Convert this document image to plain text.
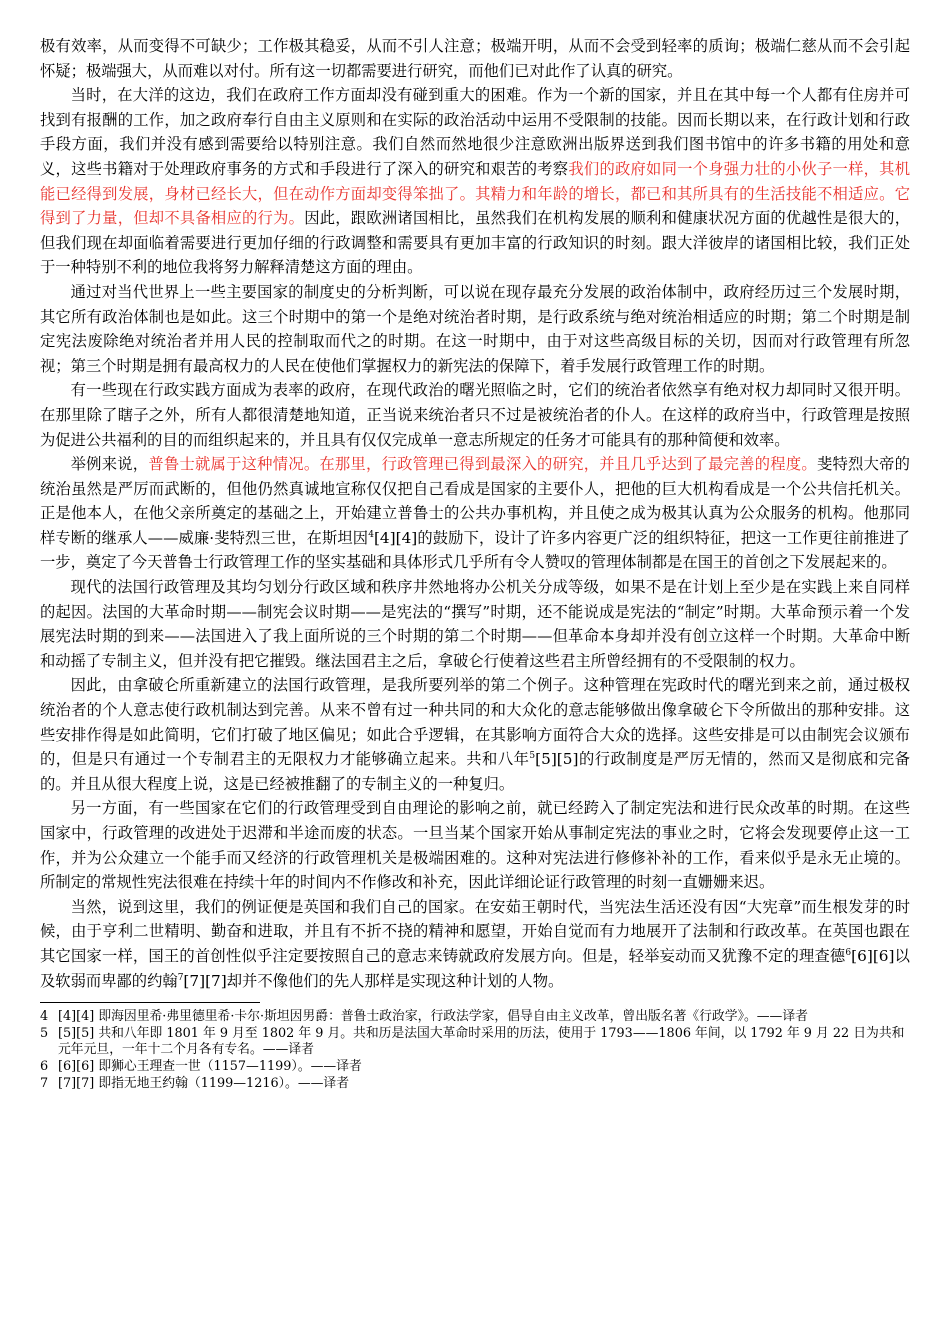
极有效率，从而变得不可缺少；工作极其稳妥，从而不引人注意；极端开明，从而不会受到轻率的质询；极端仁慈从而不会引起怀疑；极端强大，从而难以对付。所有这一切都需要进行研究，而他们已对此作了认真的研究。

当时，在大洋的这边，我们在政府工作方面却没有碰到重大的困难。作为一个新的国家，并且在其中每一个人都有住房并可找到有报酬的工作，加之政府奉行自由主义原则和在实际的政治活动中运用不受限制的技能。因而长期以来，在行政计划和行政手段方面，我们并没有感到需要给以特别注意。我们自然而然地很少注意欧洲出版界送到我们图书馆中的许多书籍的用处和意义，这些书籍对于处理政府事务的方式和手段进行了深入的研究和艰苦的考察我们的政府如同一个身强力壮的小伙子一样，其机能已经得到发展，身材已经长大，但在动作方面却变得笨拙了。其精力和年龄的增长，都已和其所具有的生活技能不相适应。它得到了力量，但却不具备相应的行为。因此，跟欧洲诸国相比，虽然我们在机构发展的顺利和健康状况方面的优越性是很大的，但我们现在却面临着需要进行更加仔细的行政调整和需要具有更加丰富的行政知识的时刻。跟大洋彼岸的诸国相比较，我们正处于一种特别不利的地位我将努力解释清楚这方面的理由。

通过对当代世界上一些主要国家的制度史的分析判断，可以说在现存最充分发展的政治体制中，政府经历过三个发展时期，其它所有政治体制也是如此。这三个时期中的第一个是绝对统治者时期，是行政系统与绝对统治相适应的时期；第二个时期是制定宪法废除绝对统治者并用人民的控制取而代之的时期。在这一时期中，由于对这些高级目标的关切，因而对行政管理有所忽视；第三个时期是拥有最高权力的人民在使他们掌握权力的新宪法的保障下，着手发展行政管理工作的时期。

有一些现在行政实践方面成为表率的政府，在现代政治的曙光照临之时，它们的统治者依然享有绝对权力却同时又很开明。在那里除了瞎子之外，所有人都很清楚地知道，正当说来统治者只不过是被统治者的仆人。在这样的政府当中，行政管理是按照为促进公共福利的目的而组织起来的，并且具有仅仅完成单一意志所规定的任务才可能具有的那种简便和效率。

举例来说，普鲁士就属于这种情况。在那里，行政管理已得到最深入的研究，并且几乎达到了最完善的程度。斐特烈大帝的统治虽然是严厉而武断的，但他仍然真诚地宣称仅仅把自己看成是国家的主要仆人，把他的巨大机构看成是一个公共信托机关。正是他本人，在他父亲所奠定的基础之上，开始建立普鲁士的公共办事机构，并且使之成为极其认真为公众服务的机构。他那同样专断的继承人——威廉·斐特烈三世，在斯坦因$^4$[4][4]的鼓励下，设计了许多内容更广泛的组织特征，把这一工作更往前推进了一步，奠定了今天普鲁士行政管理工作的坚实基础和具体形式几乎所有令人赞叹的管理体制都是在国王的首创之下发展起来的。

现代的法国行政管理及其均匀划分行政区域和秩序井然地将办公机关分成等级，如果不是在计划上至少是在实践上来自同样的起因。法国的大革命时期——制宪会议时期——是宪法的“撰写”时期，还不能说成是宪法的“制定”时期。大革命预示着一个发展宪法时期的到来——法国进入了我上面所说的三个时期的第二个时期——但革命本身却并没有创立这样一个时期。大革命中断和动摇了专制主义，但并没有把它摧毁。继法国君主之后，拿破仑行使着这些君主所曾经拥有的不受限制的权力。

因此，由拿破仑所重新建立的法国行政管理，是我所要列举的第二个例子。这种管理在宪政时代的曙光到来之前，通过极权统治者的个人意志使行政机制达到完善。从来不曾有过一种共同的和大众化的意志能够做出像拿破仑下令所做出的那种安排。这些安排作得是如此简明，它们打破了地区偏见；如此合乎逻辑，在其影响方面符合大众的选择。这些安排是可以由制宪会议颁布的，但是只有通过一个专制君主的无限权力才能够确立起来。共和八年$^5$[5][5]的行政制度是严厉无情的，然而又是彻底和完备的。并且从很大程度上说，这是已经被推翻了的专制主义的一种复归。

另一方面，有一些国家在它们的行政管理受到自由理论的影响之前，就已经跨入了制定宪法和进行民众改革的时期。在这些国家中，行政管理的改进处于迟滞和半途而废的状态。一旦当某个国家开始从事制定宪法的事业之时，它将会发现要停止这一工作，并为公众建立一个能手而又经济的行政管理机关是极端困难的。这种对宪法进行修修补补的工作，看来似乎是永无止境的。所制定的常规性宪法很难在持续十年的时间内不作修改和补充，因此详细论证行政管理的时刻一直姗姗来迟。

当然，说到这里，我们的例证便是英国和我们自己的国家。在安茹王朝时代，当宪法生活还没有因“大宪章”而生根发芽的时候，由于亨利二世精明、勤奋和进取，并且有不折不挠的精神和愿望，开始自觉而有力地展开了法制和行政改革。在英国也跟在其它国家一样，国王的首创性似乎注定要按照自己的意志来铸就政府发展方向。但是，轻举妄动而又犹豫不定的理查德$^6$[6][6]以及软弱而卑鄙的约翰$^7$[7][7]却并不像他们的先人那样是实现这种计划的人物。

4 [4][4] 即海因里希·弗里德里希·卡尔·斯坦因男爵：普鲁士政治家，行政法学家，倡导自由主义改革，曾出版名著《行政学》。——译者

5 [5][5] 共和八年即 1801 年 9 月至 1802 年 9 月。共和历是法国大革命时采用的历法，使用于 1793——1806 年间，以 1792 年 9 月 22 日为共和元年元旦，一年十二个月各有专名。——译者

6 [6][6] 即狮心王理查一世（1157—1199）。——译者

7 [7][7] 即指无地王约翰（1199—1216）。——译者
